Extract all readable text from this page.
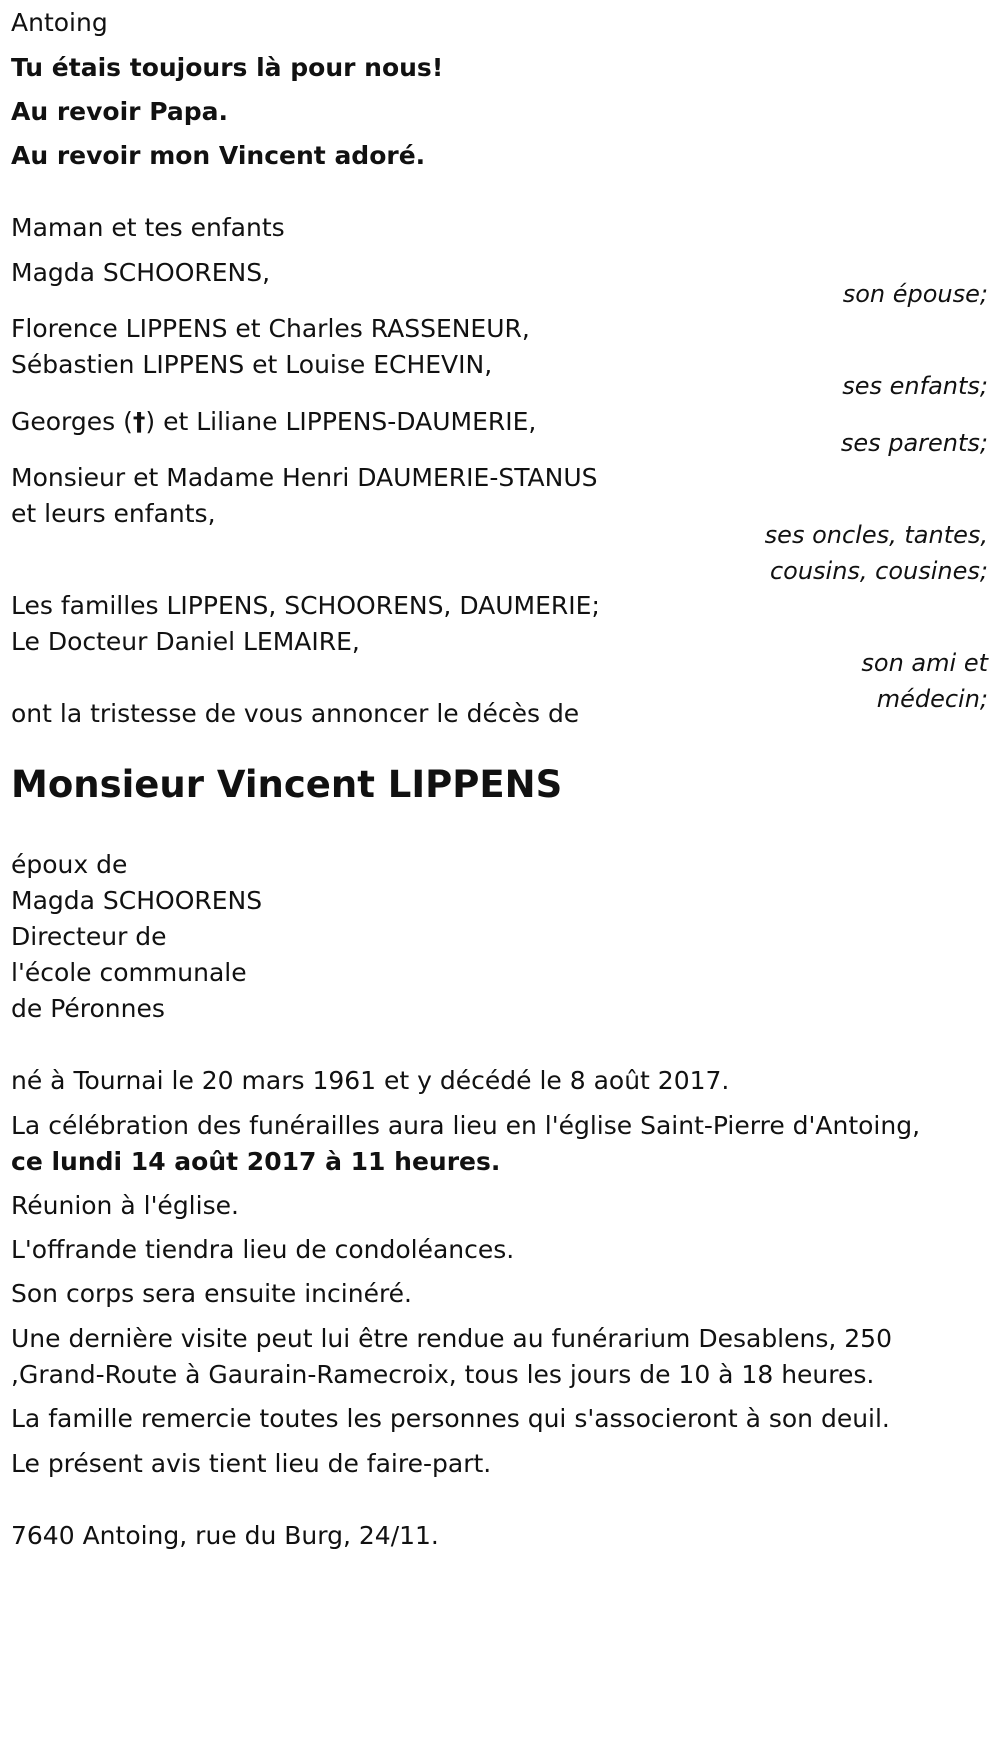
Antoing
Tu étais toujours là pour nous!
Au revoir Papa.
Au revoir mon Vincent adoré.
Maman et tes enfants
Magda SCHOORENS,
son épouse;
Florence LIPPENS et Charles RASSENEUR,
Sébastien LIPPENS et Louise ECHEVIN,
ses enfants;
Georges (†) et Liliane LIPPENS-DAUMERIE,
ses parents;
Monsieur et Madame Henri DAUMERIE-STANUS
et leurs enfants,
ses oncles, tantes,
cousins, cousines;
Les familles LIPPENS, SCHOORENS, DAUMERIE;
Le Docteur Daniel LEMAIRE,
son ami et
médecin;
ont la tristesse de vous annoncer le décès de
Monsieur Vincent LIPPENS
époux de
Magda SCHOORENS
Directeur de
l'école communale
de Péronnes
né à Tournai le 20 mars 1961 et y décédé le 8 août 2017.
La célébration des funérailles aura lieu en l'église Saint-Pierre d'Antoing,
ce lundi 14 août 2017 à 11 heures.
Réunion à l'église.
L'offrande tiendra lieu de condoléances.
Son corps sera ensuite incinéré.
Une dernière visite peut lui être rendue au funérarium Desablens, 250
,Grand-Route à Gaurain-Ramecroix, tous les jours de 10 à 18 heures.
La famille remercie toutes les personnes qui s'associeront à son deuil.
Le présent avis tient lieu de faire-part.
7640 Antoing, rue du Burg, 24/11.
